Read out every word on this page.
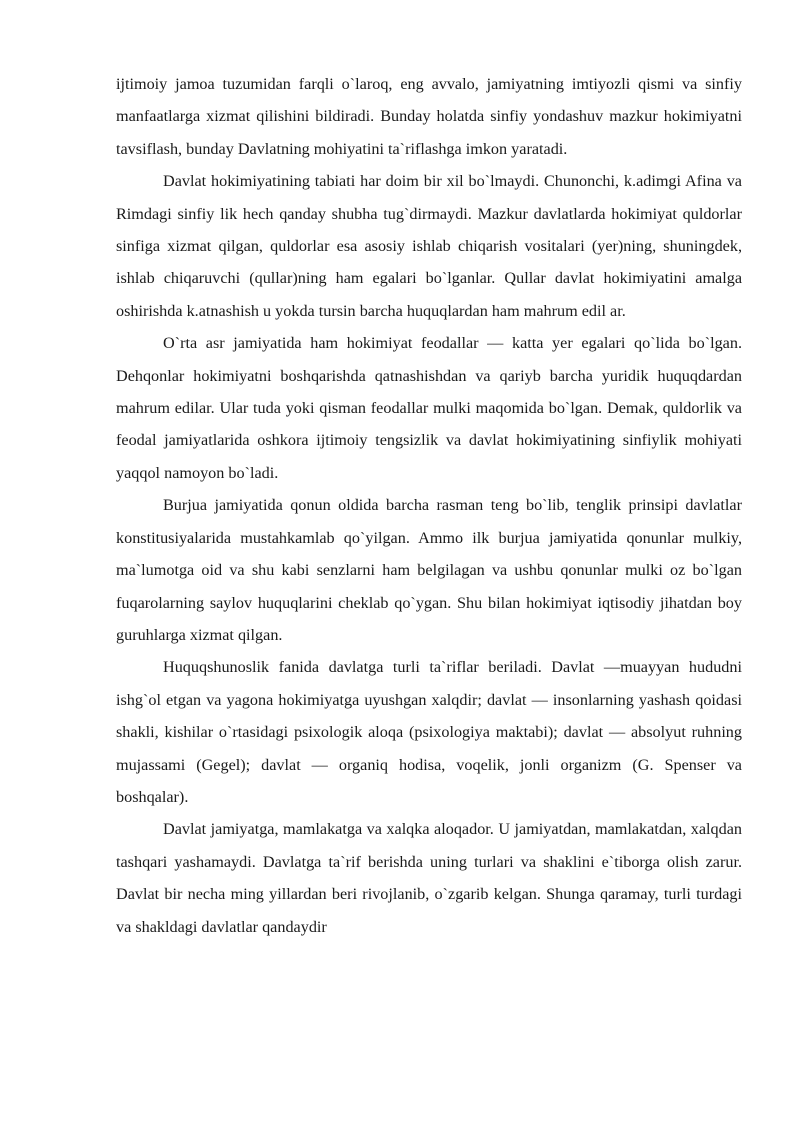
ijtimoiy jamoa tuzumidan farqli o`laroq, eng avvalo, jamiyatning imtiyozli qismi va sinfiy manfaatlarga xizmat qilishini bildiradi. Bunday holatda sinfiy yondashuv mazkur hokimiyatni tavsiflash, bunday Davlatning mohiyatini ta`riflashga imkon yaratadi.

Davlat hokimiyatining tabiati har doim bir xil bo`lmaydi. Chunonchi, k.adimgi Afina va Rimdagi sinfiy lik hech qanday shubha tug`dirmaydi. Mazkur davlatlarda hokimiyat quldorlar sinfiga xizmat qilgan, quldorlar esa asosiy ishlab chiqarish vositalari (yer)ning, shuningdek, ishlab chiqaruvchi (qullar)ning ham egalari bo`lganlar. Qullar davlat hokimiyatini amalga oshirishda k.atnashish u yokda tursin barcha huquqlardan ham mahrum edil ar.

O`rta asr jamiyatida ham hokimiyat feodallar — katta yer egalari qo`lida bo`lgan. Dehqonlar hokimiyatni boshqarishda qatnashishdan va qariyb barcha yuridik huquqdardan mahrum edilar. Ular tuda yoki qisman feodallar mulki maqomida bo`lgan. Demak, quldorlik va feodal jamiyatlarida oshkora ijtimoiy tengsizlik va davlat hokimiyatining sinfiylik mohiyati yaqqol namoyon bo`ladi.

Burjua jamiyatida qonun oldida barcha rasman teng bo`lib, tenglik prinsipi davlatlar konstitusiyalarida mustahkamlab qo`yilgan. Ammo ilk burjua jamiyatida qonunlar mulkiy, ma`lumotga oid va shu kabi senzlarni ham belgilagan va ushbu qonunlar mulki oz bo`lgan fuqarolarning saylov huquqlarini cheklab qo`ygan. Shu bilan hokimiyat iqtisodiy jihatdan boy guruhlarga xizmat qilgan.

Huquqshunoslik fanida davlatga turli ta`riflar beriladi. Davlat —muayyan hududni ishg`ol etgan va yagona hokimiyatga uyushgan xalqdir; davlat — insonlarning yashash qoidasi shakli, kishilar o`rtasidagi psixologik aloqa (psixologiya maktabi); davlat — absolyut ruhning mujassami (Gegel); davlat — organiq hodisa, voqelik, jonli organizm (G. Spenser va boshqalar).

Davlat jamiyatga, mamlakatga va xalqka aloqador. U jamiyatdan, mamlakatdan, xalqdan tashqari yashamaydi. Davlatga ta`rif berishda uning turlari va shaklini e`tiborga olish zarur. Davlat bir necha ming yillardan beri rivojlanib, o`zgarib kelgan. Shunga qaramay, turli turdagi va shakldagi davlatlar qandaydir
